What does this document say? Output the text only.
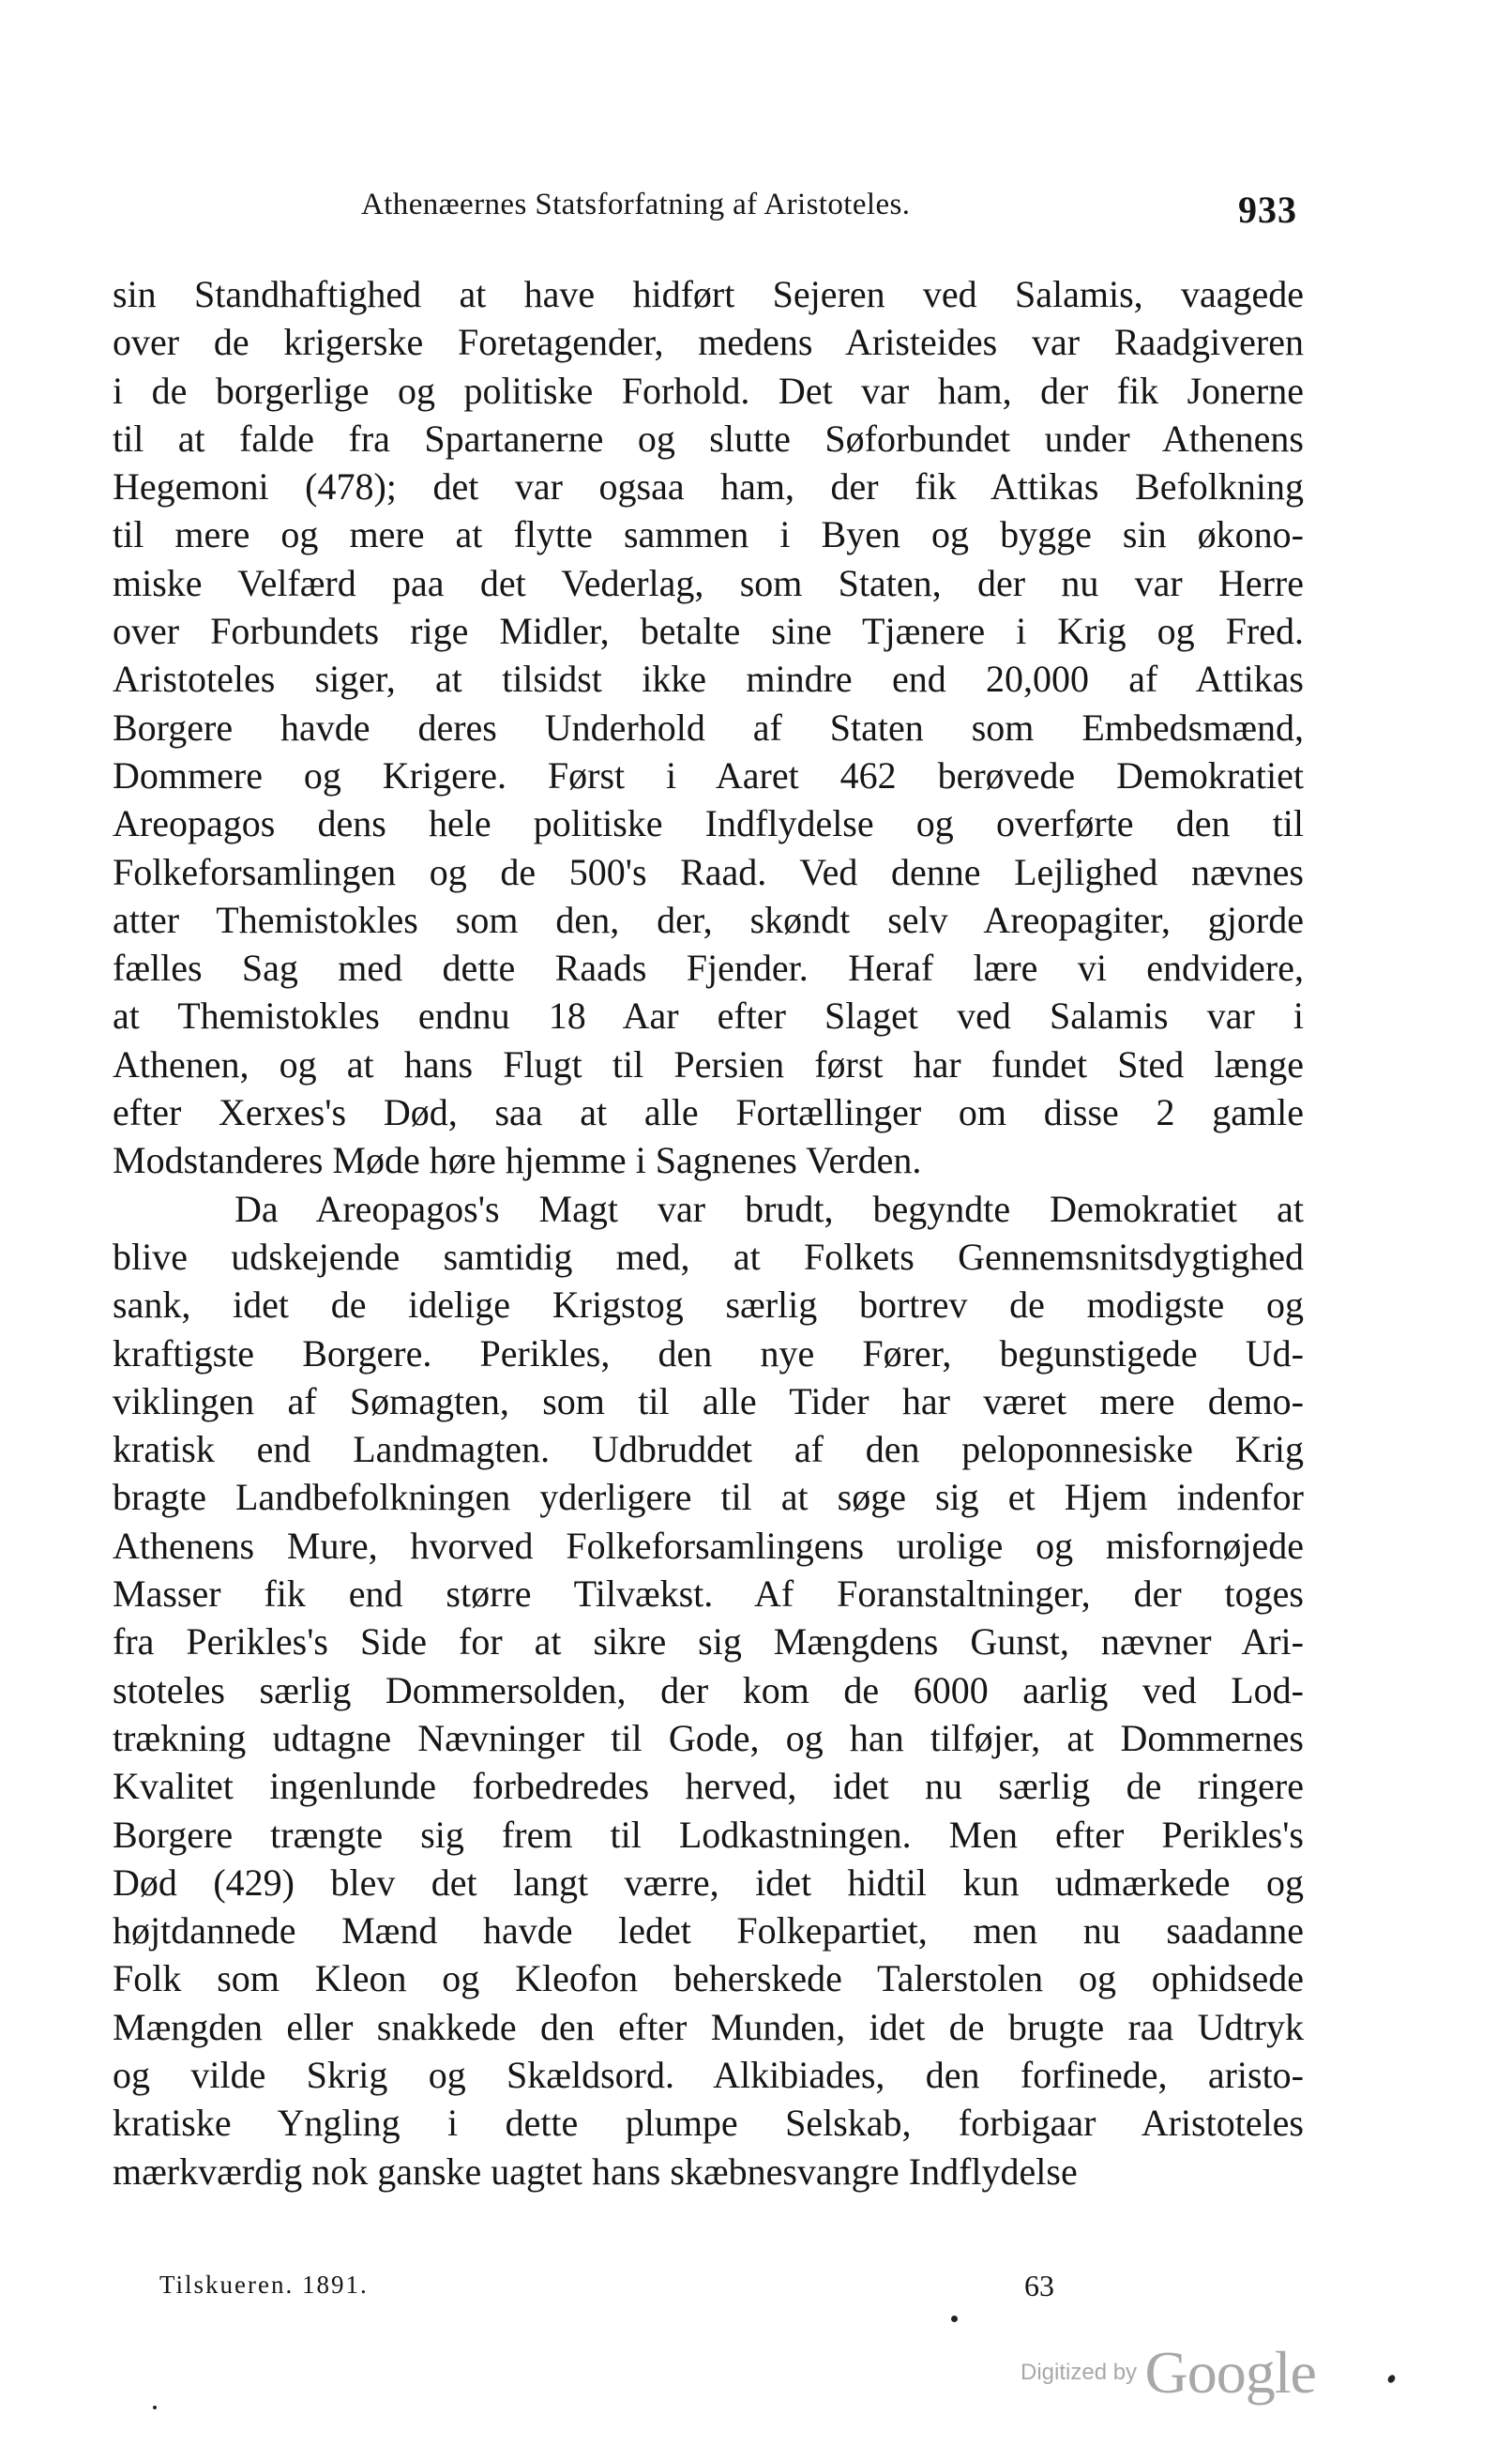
Athenæernes Statsforfatning af Aristoteles.	933
sin Standhaftighed at have hidført Sejeren ved Salamis, vaagede
over de krigerske Foretagender, medens Aristeides var Raadgiveren
i de borgerlige og politiske Forhold. Det var ham, der fik Jonerne
til at falde fra Spartanerne og slutte Søforbundet under Athenens
Hegemoni (478); det var ogsaa ham, der fik Attikas Befolkning
til mere og mere at flytte sammen i Byen og bygge sin økono-
miske Velfærd paa det Vederlag, som Staten, der nu var Herre
over Forbundets rige Midler, betalte sine Tjænere i Krig og Fred.
Aristoteles siger, at tilsidst ikke mindre end 20,000 af Attikas
Borgere havde deres Underhold af Staten som Embedsmænd,
Dommere og Krigere. Først i Aaret 462 berøvede Demokratiet
Areopagos dens hele politiske Indflydelse og overførte den til
Folkeforsamlingen og de 500's Raad. Ved denne Lejlighed nævnes
atter Themistokles som den, der, skøndt selv Areopagiter, gjorde
fælles Sag med dette Raads Fjender. Heraf lære vi endvidere,
at Themistokles endnu 18 Aar efter Slaget ved Salamis var i
Athenen, og at hans Flugt til Persien først har fundet Sted længe
efter Xerxes's Død, saa at alle Fortællinger om disse 2 gamle
Modstanderes Møde høre hjemme i Sagnenes Verden.
Da Areopagos's Magt var brudt, begyndte Demokratiet at
blive udskejende samtidig med, at Folkets Gennemsnitsdygtighed
sank, idet de idelige Krigstog særlig bortrev de modigste og
kraftigste Borgere. Perikles, den nye Fører, begunstigede Ud-
viklingen af Sømagten, som til alle Tider har været mere demo-
kratisk end Landmagten. Udbruddet af den peloponnesiske Krig
bragte Landbefolkningen yderligere til at søge sig et Hjem indenfor
Athenens Mure, hvorved Folkeforsamlingens urolige og misfornøjede
Masser fik end større Tilvækst. Af Foranstaltninger, der toges
fra Perikles's Side for at sikre sig Mængdens Gunst, nævner Ari-
stoteles særlig Dommersolden, der kom de 6000 aarlig ved Lod-
trækning udtagne Nævninger til Gode, og han tilføjer, at Dommernes
Kvalitet ingenlunde forbedredes herved, idet nu særlig de ringere
Borgere trængte sig frem til Lodkastningen. Men efter Perikles's
Død (429) blev det langt værre, idet hidtil kun udmærkede og
højtdannede Mænd havde ledet Folkepartiet, men nu saadanne
Folk som Kleon og Kleofon beherskede Talerstolen og ophidsede
Mængden eller snakkede den efter Munden, idet de brugte raa Udtryk
og vilde Skrig og Skældsord. Alkibiades, den forfinede, aristo-
kratiske Yngling i dette plumpe Selskab, forbigaar Aristoteles
mærkværdig nok ganske uagtet hans skæbnesvangre Indflydelse
Tilskueren. 1891.	63
Digitized by Google
